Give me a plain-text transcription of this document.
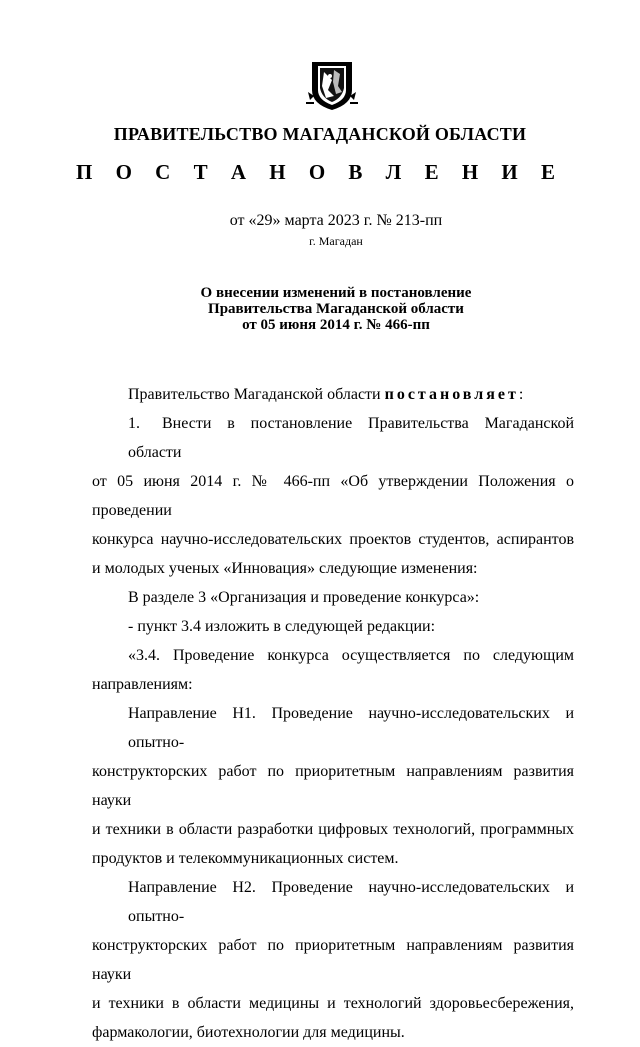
ПРАВИТЕЛЬСТВО МАГАДАНСКОЙ ОБЛАСТИ
П О С Т А Н О В Л Е Н И Е
от «29» марта 2023 г. № 213-пп
г. Магадан
О внесении изменений в постановление
Правительства Магаданской области
от 05 июня 2014 г. № 466-пп

Правительство Магаданской области постановляет:

1. Внести в постановление Правительства Магаданской области
от 05 июня 2014 г. № 466-пп «Об утверждении Положения о проведении
конкурса научно-исследовательских проектов студентов, аспирантов
и молодых ученых «Инновация» следующие изменения:

В разделе 3 «Организация и проведение конкурса»:

- пункт 3.4 изложить в следующей редакции:

«3.4. Проведение конкурса осуществляется по следующим
направлениям:

Направление Н1. Проведение научно-исследовательских и опытно-
конструкторских работ по приоритетным направлениям развития науки
и техники в области разработки цифровых технологий, программных
продуктов и телекоммуникационных систем.

Направление Н2. Проведение научно-исследовательских и опытно-
конструкторских работ по приоритетным направлениям развития науки
и техники в области медицины и технологий здоровьесбережения,
фармакологии, биотехнологии для медицины.
